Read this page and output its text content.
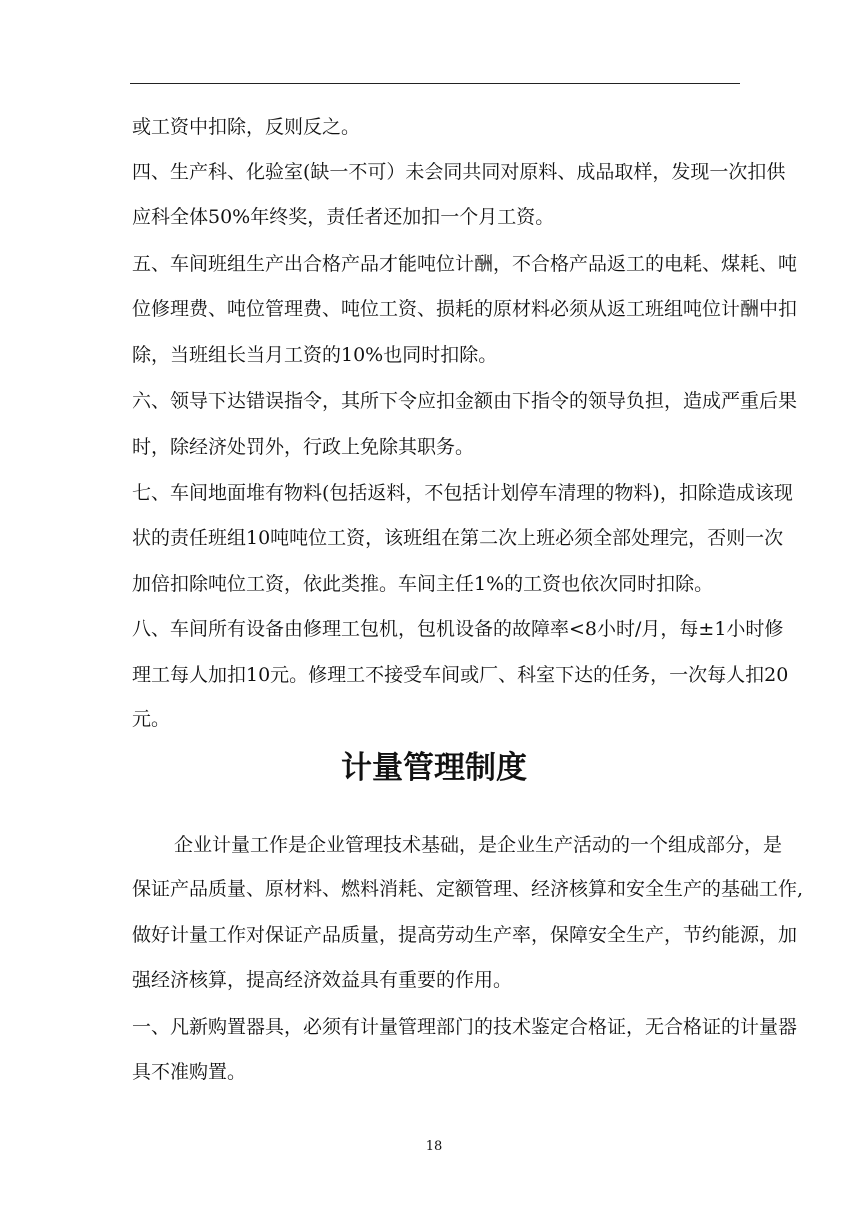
或工资中扣除，反则反之。
四、生产科、化验室(缺一不可）未会同共同对原料、成品取样，发现一次扣供
应科全体50%年终奖，责任者还加扣一个月工资。
五、车间班组生产出合格产品才能吨位计酬，不合格产品返工的电耗、煤耗、吨
位修理费、吨位管理费、吨位工资、损耗的原材料必须从返工班组吨位计酬中扣
除，当班组长当月工资的10%也同时扣除。
六、领导下达错误指令，其所下令应扣金额由下指令的领导负担，造成严重后果
时，除经济处罚外，行政上免除其职务。
七、车间地面堆有物料(包括返料，不包括计划停车清理的物料)，扣除造成该现
状的责任班组10吨吨位工资，该班组在第二次上班必须全部处理完，否则一次
加倍扣除吨位工资，依此类推。车间主任1%的工资也依次同时扣除。
八、车间所有设备由修理工包机，包机设备的故障率<8小时/月，每±1小时修
理工每人加扣10元。修理工不接受车间或厂、科室下达的任务，一次每人扣20
元。
计量管理制度
企业计量工作是企业管理技术基础，是企业生产活动的一个组成部分，是
保证产品质量、原材料、燃料消耗、定额管理、经济核算和安全生产的基础工作,
做好计量工作对保证产品质量，提高劳动生产率，保障安全生产，节约能源，加
强经济核算，提高经济效益具有重要的作用。
一、凡新购置器具，必须有计量管理部门的技术鉴定合格证，无合格证的计量器
具不准购置。
18
